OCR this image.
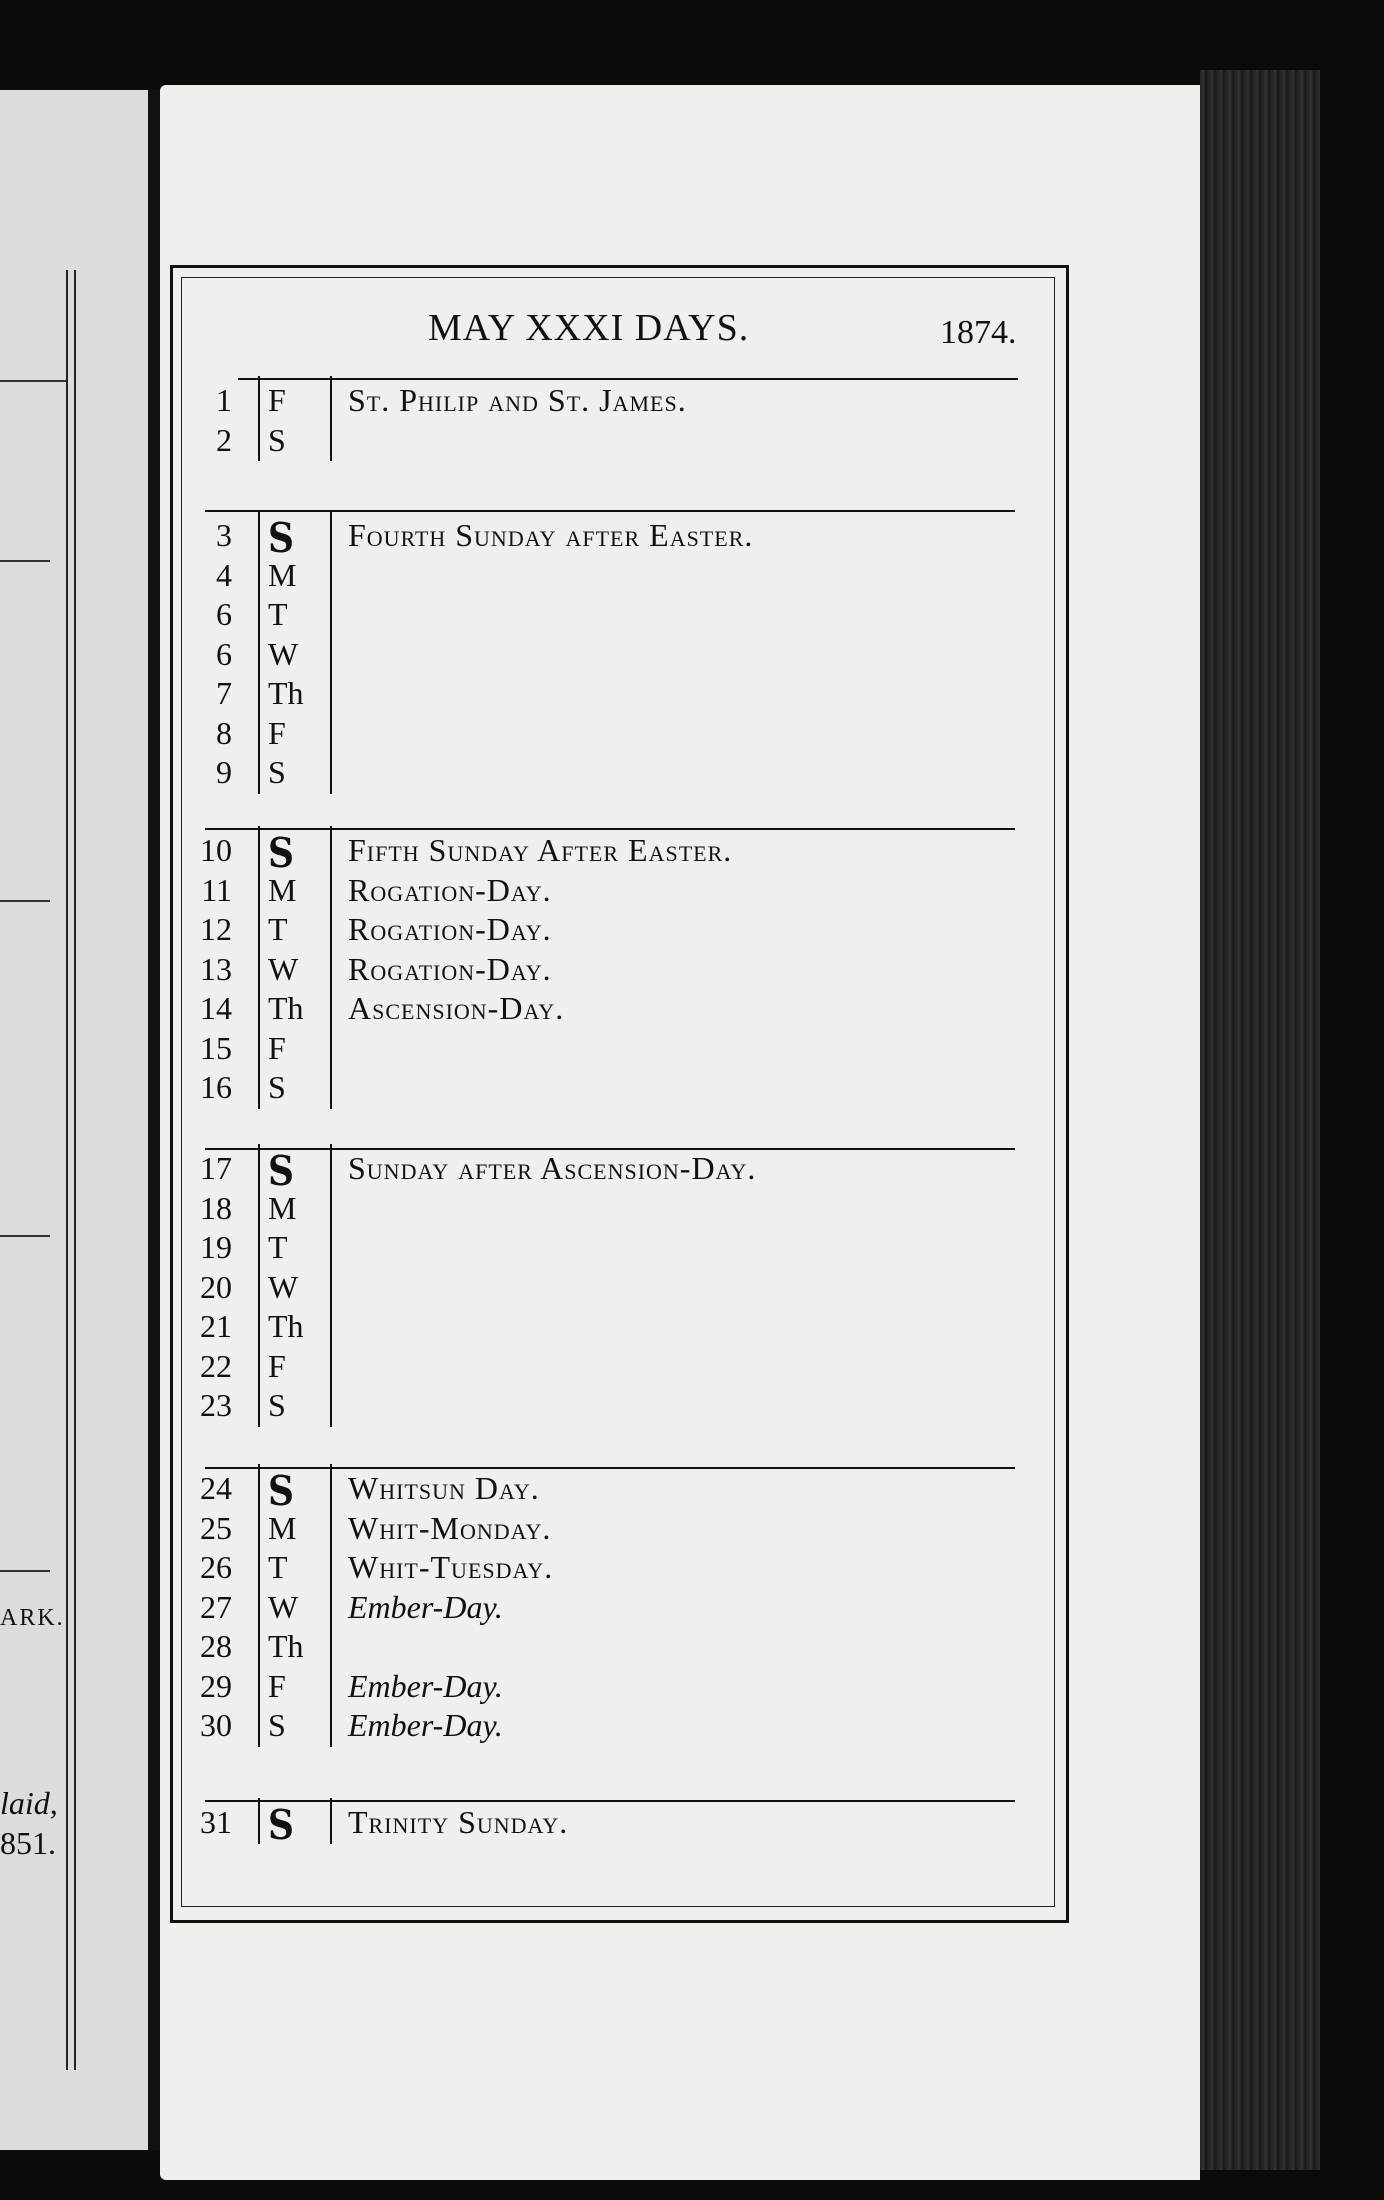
ARK.
laid,
851.
MAY XXXI DAYS.	1874.
1 F	St. Philip and St. James.
2 S
3 S	Fourth Sunday after Easter.
4 M
6 T
6 W
7 Th
8 F
9 S
10 S	Fifth Sunday After Easter.
11 M	Rogation-Day.
12 T	Rogation-Day.
13 W	Rogation-Day.
14 Th	Ascension-Day.
15 F
16 S
17 S	Sunday after Ascension-Day.
18 M
19 T
20 W
21 Th
22 F
23 S
24 S	Whitsun Day.
25 M	Whit-Monday.
26 T	Whit-Tuesday.
27 W	Ember-Day.
28 Th
29 F	Ember-Day.
30 S	Ember-Day.
31 S	Trinity Sunday.
